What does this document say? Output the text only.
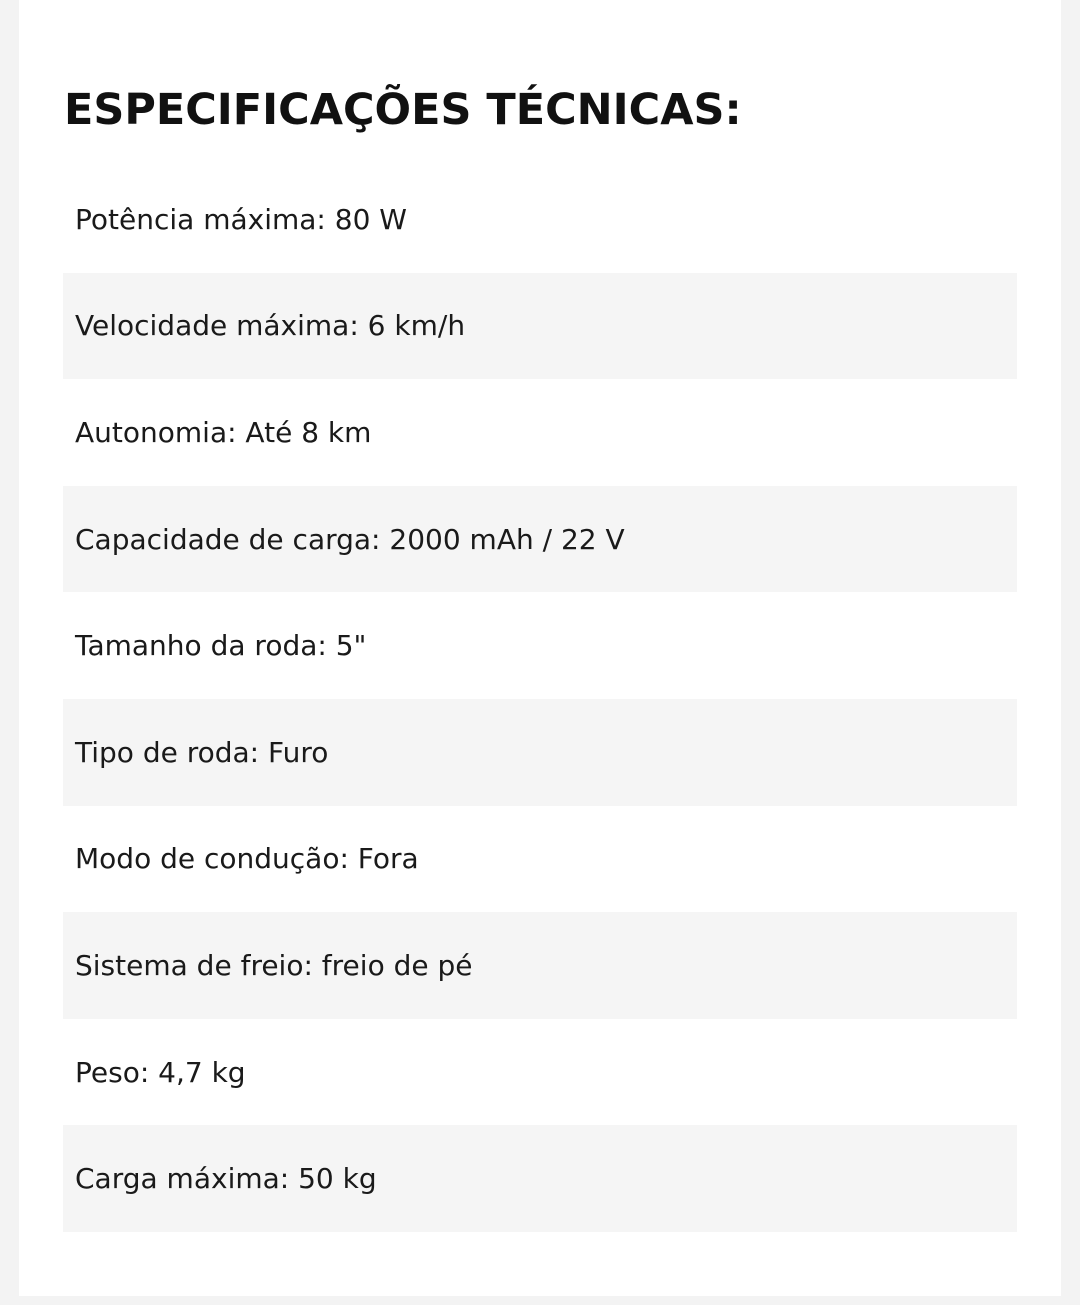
ESPECIFICAÇÕES TÉCNICAS:
Potência máxima: 80 W
Velocidade máxima: 6 km/h
Autonomia: Até 8 km
Capacidade de carga: 2000 mAh / 22 V
Tamanho da roda: 5"
Tipo de roda: Furo
Modo de condução: Fora
Sistema de freio: freio de pé
Peso: 4,7 kg
Carga máxima: 50 kg
